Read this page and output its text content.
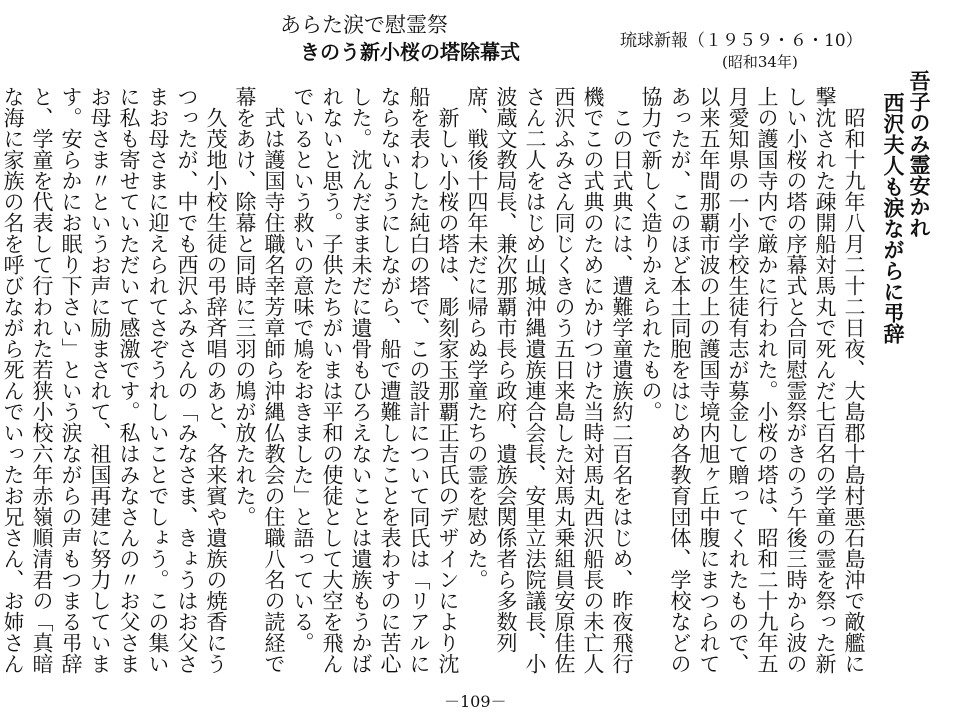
あらた涙で慰霊祭
きのう新小桜の塔除幕式	琉球新報（１９５９・６・10）
(昭和34年)
吾子のみ霊安かれ
西沢夫人も涙ながらに弔辞

　昭和十九年八月二十二日夜、大島郡十島村悪石島沖で敵艦に撃沈された疎開船対馬丸で死んだ七百名の学童の霊を祭った新しい小桜の塔の序幕式と合同慰霊祭がきのう午後三時から波の上の護国寺内で厳かに行われた。小桜の塔は、昭和二十九年五月愛知県の一小学校生徒有志が募金して贈ってくれたもので、以来五年間那覇市波の上の護国寺境内旭ヶ丘中腹にまつられてあったが、このほど本土同胞をはじめ各教育団体、学校などの協力で新しく造りかえられたもの。

　この日式典には、遭難学童遺族約二百名をはじめ、昨夜飛行機でこの式典のためにかけつけた当時対馬丸西沢船長の未亡人西沢ふみさん同じくきのう五日来島した対馬丸乗組員安原佳佐さん二人をはじめ山城沖縄遺族連合会長、安里立法院議長、小波蔵文教局長、兼次那覇市長ら政府、遺族会関係者ら多数列席、戦後十四年未だに帰らぬ学童たちの霊を慰めた。

　新しい小桜の塔は、彫刻家玉那覇正吉氏のデザインにより沈船を表わした純白の塔で、この設計について同氏は「リアルにならないようにしながら、船で遭難したことを表わすのに苦心した。沈んだまま未だに遺骨もひろえないことは遺族もうかばれないと思う。子供たちがいまは平和の使徒として大空を飛んでいるという救いの意味で鳩をおきました」と語っている。

　式は護国寺住職名幸芳章師ら沖縄仏教会の住職八名の読経で幕をあけ、除幕と同時に三羽の鳩が放たれた。

　久茂地小校生徒の弔辞斉唱のあと、各来賓や遺族の焼香にうつったが、中でも西沢ふみさんの「みなさま、きょうはお父さまお母さまに迎えられてさぞうれしいことでしょう。この集いに私も寄せていただいて感激です。私はみなさんの〃お父さまお母さま〃というお声に励まされて、祖国再建に努力しています。安らかにお眠り下さい」という涙ながらの声もつまる弔辞と、学童を代表して行われた若狭小校六年赤嶺順清君の「真暗な海に家族の名を呼びながら死んでいったお兄さん、お姉さん

－109－
